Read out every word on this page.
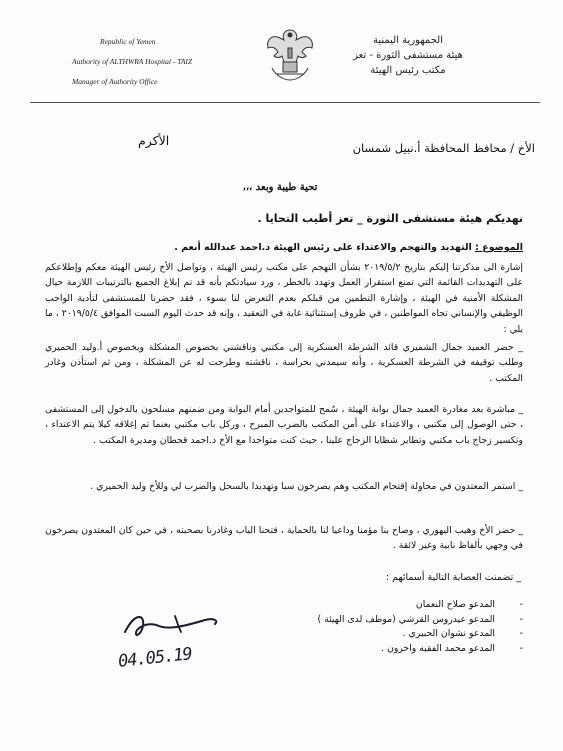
Republic of Yemen
Authority of ALTHWRA Hospital - TAIZ
Manager of Authority Office
الجمهورية اليمنية
هيئة مستشفى الثورة - تعز
مكتب رئيس الهيئة
الأخ / محافظ المحافظة أ.نبيل شمسان
الأكرم
تحية طيبة وبعد ،،،
نهديكم هيئة مستشفى الثورة _ تعز أطيب التحايا .
الموضوع : التهديد والتهجم والاعتداء على رئيس الهيئة د.احمد عبدالله أنعم .
إشارة الى مذكرتنا إليكم بتاريخ ٢٠١٩/٥/٢ بشأن التهجم على مكتب رئيس الهيئة ، وتواصل الأخ رئيس الهيئة معكم وإطلاعكم على التهديدات القائمة التي تمنع استقرار العمل وتهدد بالخطر ، ورد سيادتكم بأنه قد تم إبلاغ الجميع بالترتيبات اللازمة حيال المشكلة الأمنية في الهيئة ، وإشارة التطمين من قبلكم بعدم التعرض لنا بسوء ، فقد حضرنا للمستشفى لتأدية الواجب الوظيفي والإنساني تجاه المواطنين ، في ظروف إستثنائية غاية في التعقيد ، وإنه قد حدث اليوم السبت الموافق ٢٠١٩/٥/٤ ، ما يلي :
_ حضر العميد جمال الشميري قائد الشرطة العسكرية إلى مكتبي وناقشني بخصوص المشكلة وبخصوص أ.وليد الحميري وطلب توقيفه في الشرطة العسكرية ، وأنه سيمدني بحراسة ، ناقشته وطرحت له عن المشكلة ، ومن ثم استأذن وغادر المكتب .
_ مباشرة بعد مغادرة العميد جمال بوابة الهيئة ، سُمح للمتواجدين أمام البوابة ومن ضمنهم مسلحون بالدخول إلى المستشفى ، حتى الوصول إلى مكتبي ، والاعتداء على أمن المكتب بالضرب المبرح ، وركل باب مكتبي بعنما تم إغلاقه كيلا يتم الاعتداء ، وتكسير زجاج باب مكتبي وتطاير شظايا الزجاج علينا ، حيث كنت متواجدا مع الأخ د.احمد قحطان ومديرة المكتب .
_ استمر المعتدون في محاولة إقتحام المكتب وهم يصرخون سبا وتهديدا بالسحل والضرب لي وللأخ وليد الحميري .
_ حضر الأخ وهيب اليهوري ، وصاح بنا مؤمنا وداعيا لنا بالحماية ، فتحنا الباب وغادرنا بصحبته ، في حين كان المعتدون يصرخون في وجهي بألفاظ نابية وغير لائقة .
_ تضمنت العصابة التالية أسمائهم :
-المدعو صلاح النعمان
-المدعو عيدروس القرشي (موظف لدى الهيئة )
-المدعو نشوان الحبيري .
-المدعو محمد الفقيه واخرون .
04.05.19
